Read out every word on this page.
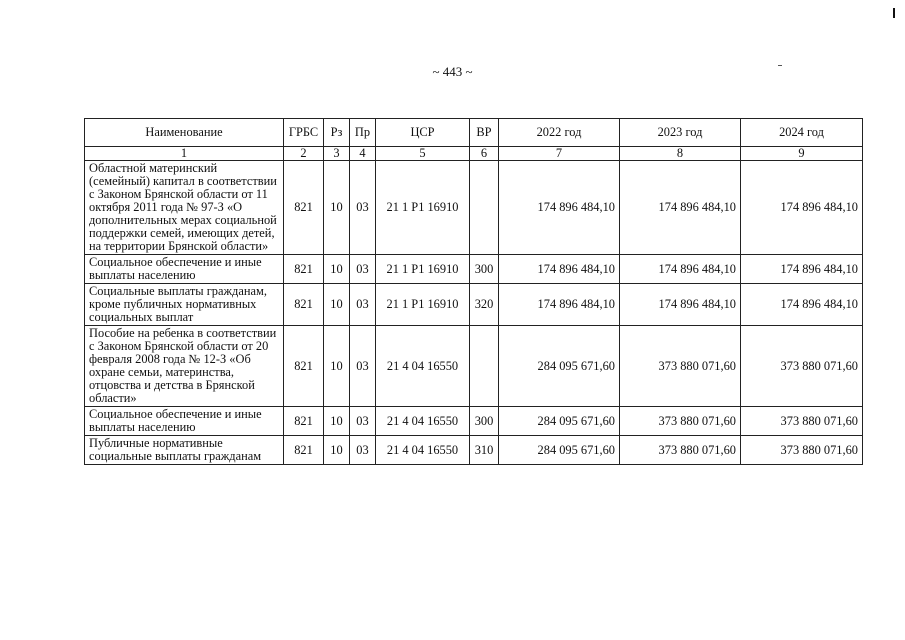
~ 443 ~
Наименование	ГРБС	Рз	Пр	ЦСР	ВР	2022 год	2023 год	2024 год
1	2	3	4	5	6	7	8	9
Областной материнский (семейный) капитал в соответствии с Законом Брянской области от 11 октября 2011 года № 97-З «О дополнительных мерах социальной поддержки семей, имеющих детей, на территории Брянской области»	821	10	03	21 1 Р1 16910		174 896 484,10	174 896 484,10	174 896 484,10
Социальное обеспечение и иные выплаты населению	821	10	03	21 1 Р1 16910	300	174 896 484,10	174 896 484,10	174 896 484,10
Социальные выплаты гражданам, кроме публичных нормативных социальных выплат	821	10	03	21 1 Р1 16910	320	174 896 484,10	174 896 484,10	174 896 484,10
Пособие на ребенка в соответствии с Законом Брянской области от 20 февраля 2008 года № 12-З «Об охране семьи, материнства, отцовства и детства в Брянской области»	821	10	03	21 4 04 16550		284 095 671,60	373 880 071,60	373 880 071,60
Социальное обеспечение и иные выплаты населению	821	10	03	21 4 04 16550	300	284 095 671,60	373 880 071,60	373 880 071,60
Публичные нормативные социальные выплаты гражданам	821	10	03	21 4 04 16550	310	284 095 671,60	373 880 071,60	373 880 071,60
